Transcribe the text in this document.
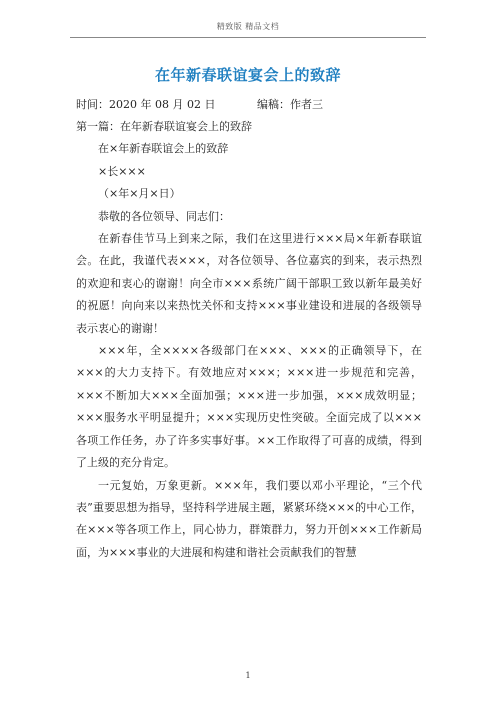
精致版 精品文档
在年新春联谊宴会上的致辞
时间：2020 年 08 月 02 日	编稿：作者三

第一篇：在年新春联谊宴会上的致辞

在×年新春联谊会上的致辞

×长×××

（×年×月×日）

恭敬的各位领导、同志们：

在新春佳节马上到来之际，我们在这里进行×××局×年新春联谊会。在此，我谨代表×××，对各位领导、各位嘉宾的到来，表示热烈的欢迎和衷心的谢谢！向全市×××系统广阔干部职工致以新年最美好的祝愿！向向来以来热忱关怀和支持×××事业建设和进展的各级领导表示衷心的谢谢！

×××年，全××××各级部门在×××、×××的正确领导下，在×××的大力支持下。有效地应对×××；×××进一步规范和完善，×××不断加大×××全面加强；×××进一步加强，×××成效明显；×××服务水平明显提升；×××实现历史性突破。全面完成了以×××各项工作任务，办了许多实事好事。××工作取得了可喜的成绩，得到了上级的充分肯定。

一元复始，万象更新。×××年，我们要以邓小平理论，“三个代表”重要思想为指导，坚持科学进展主题，紧紧环绕×××的中心工作，在×××等各项工作上，同心协力，群策群力，努力开创×××工作新局面，为×××事业的大进展和构建和谐社会贡献我们的智慧

1
